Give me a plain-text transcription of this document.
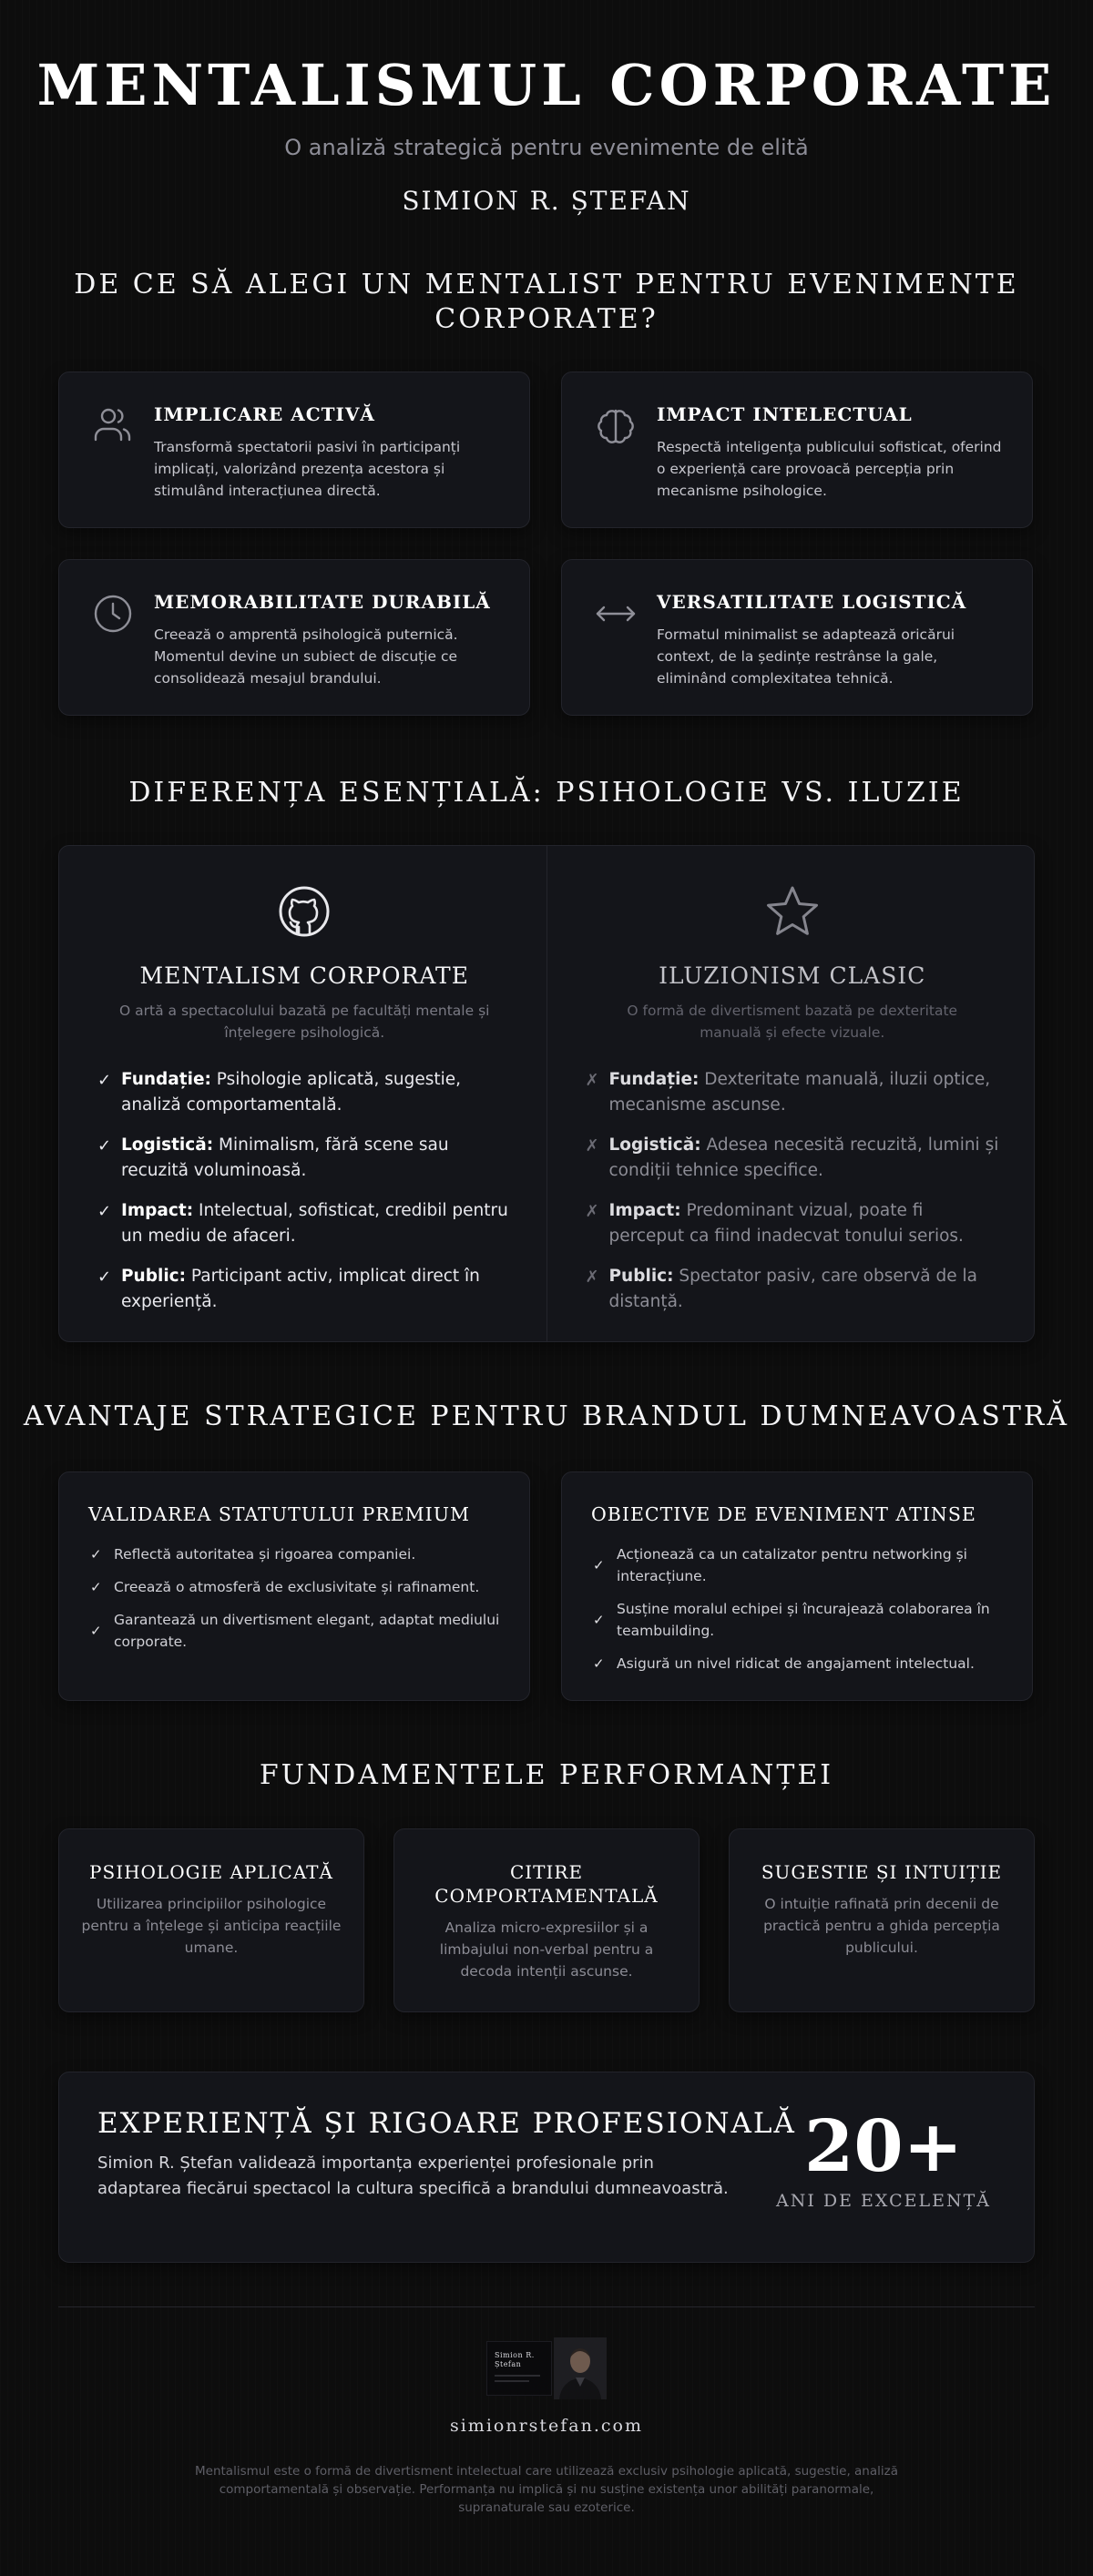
MENTALISMUL CORPORATE
O analiză strategică pentru evenimente de elită
SIMION R. ȘTEFAN
DE CE SĂ ALEGI UN MENTALIST PENTRU EVENIMENTE CORPORATE?
IMPLICARE ACTIVĂ

Transformă spectatorii pasivi în participanți implicați, valorizând prezența acestora și stimulând interacțiunea directă.

IMPACT INTELECTUAL

Respectă inteligența publicului sofisticat, oferind o experiență care provoacă percepția prin mecanisme psihologice.

MEMORABILITATE DURABILĂ

Creează o amprentă psihologică puternică. Momentul devine un subiect de discuție ce consolidează mesajul brandului.

VERSATILITATE LOGISTICĂ

Formatul minimalist se adaptează oricărui context, de la ședințe restrânse la gale, eliminând complexitatea tehnică.

DIFERENȚA ESENȚIALĂ: PSIHOLOGIE VS. ILUZIE
MENTALISM CORPORATE

O artă a spectacolului bazată pe facultăți mentale și înțelegere psihologică.

✓ Fundație: Psihologie aplicată, sugestie, analiză comportamentală.
✓ Logistică: Minimalism, fără scene sau recuzită voluminoasă.
✓ Impact: Intelectual, sofisticat, credibil pentru un mediu de afaceri.
✓ Public: Participant activ, implicat direct în experiență.
ILUZIONISM CLASIC

O formă de divertisment bazată pe dexteritate manuală și efecte vizuale.

✗ Fundație: Dexteritate manuală, iluzii optice, mecanisme ascunse.
✗ Logistică: Adesea necesită recuzită, lumini și condiții tehnice specifice.
✗ Impact: Predominant vizual, poate fi perceput ca fiind inadecvat tonului serios.
✗ Public: Spectator pasiv, care observă de la distanță.
AVANTAJE STRATEGICE PENTRU BRANDUL DUMNEAVOASTRĂ
VALIDAREA STATUTULUI PREMIUM
✓ Reflectă autoritatea și rigoarea companiei.
✓ Creează o atmosferă de exclusivitate și rafinament.
✓
Garantează un divertisment elegant, adaptat mediului corporate.
OBIECTIVE DE EVENIMENT ATINSE
✓
Acționează ca un catalizator pentru networking și interacțiune.
✓
Susține moralul echipei și încurajează colaborarea în teambuilding.
✓ Asigură un nivel ridicat de angajament intelectual.
FUNDAMENTELE PERFORMANȚEI
PSIHOLOGIE APLICATĂ

Utilizarea principiilor psihologice pentru a înțelege și anticipa reacțiile umane.

CITIRE COMPORTAMENTALĂ

Analiza micro-expresiilor și a limbajului non-verbal pentru a decoda intenții ascunse.

SUGESTIE ȘI INTUIȚIE

O intuiție rafinată prin decenii de practică pentru a ghida percepția publicului.

EXPERIENȚĂ ȘI RIGOARE PROFESIONALĂ

Simion R. Ștefan validează importanța experienței profesionale prin adaptarea fiecărui spectacol la cultura specifică a brandului dumneavoastră.

20+
ANI DE EXCELENȚĂ
Simion R. Ștefan
simionrstefan.com

Mentalismul este o formă de divertisment intelectual care utilizează exclusiv psihologie aplicată, sugestie, analiză comportamentală și observație. Performanța nu implică și nu susține existența unor abilități paranormale, supranaturale sau ezoterice.
